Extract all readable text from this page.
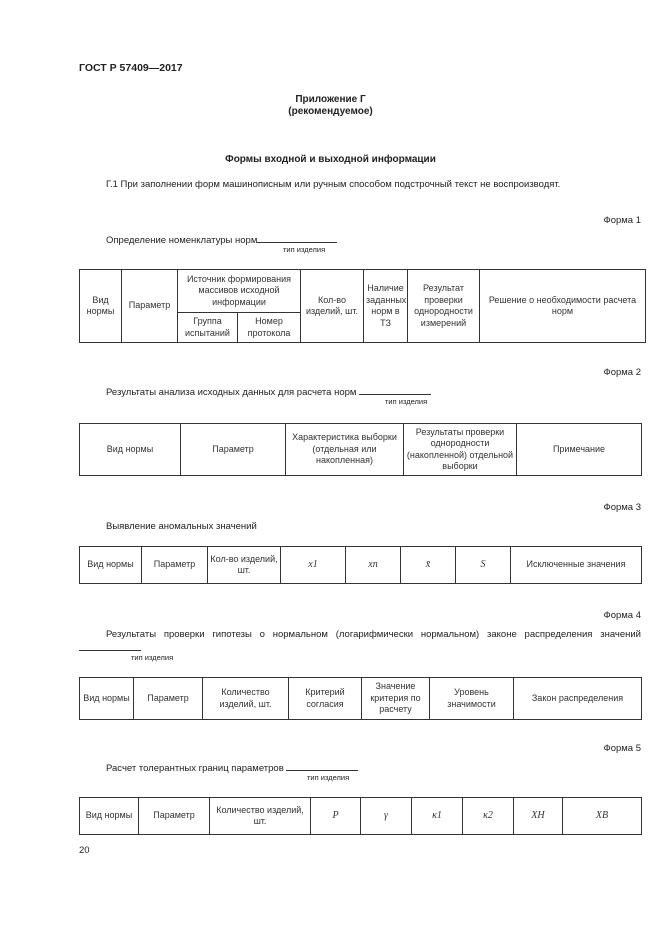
ГОСТ Р 57409—2017
Приложение Г
(рекомендуемое)
Формы входной и выходной информации
Г.1 При заполнении форм машинописным или ручным способом подстрочный текст не воспроизводят.
Форма 1
Определение номенклатуры норм
тип изделия
Вид нормы	Параметр	Источник формирования массивов исходной информации		Кол-во изделий, шт.	Наличие заданных норм в ТЗ	Результат проверки однородности измерений	Решение о необходимости расчета норм
		Группа испытаний	Номер протокола				
Форма 2
Результаты анализа исходных данных для расчета норм
тип изделия
Вид нормы	Параметр	Характеристика выборки (отдельная или накопленная)	Результаты проверки однородности (накопленной) отдельной выборки	Примечание
Форма 3
Выявление аномальных значений
Вид нормы	Параметр	Кол-во изделий, шт.	x1	xn	x̄	S	Исключенные значения
Форма 4
Результаты проверки гипотезы о нормальном (логарифмически нормальном) законе распределения значений
тип изделия
Вид нормы	Параметр	Количество изделий, шт.	Критерий согласия	Значение критерия по расчету	Уровень значимости	Закон распределения
Форма 5
Расчет толерантных границ параметров
тип изделия
Вид нормы	Параметр	Количество изделий, шт.	P	γ	κ1	κ2	XН	XВ
20
